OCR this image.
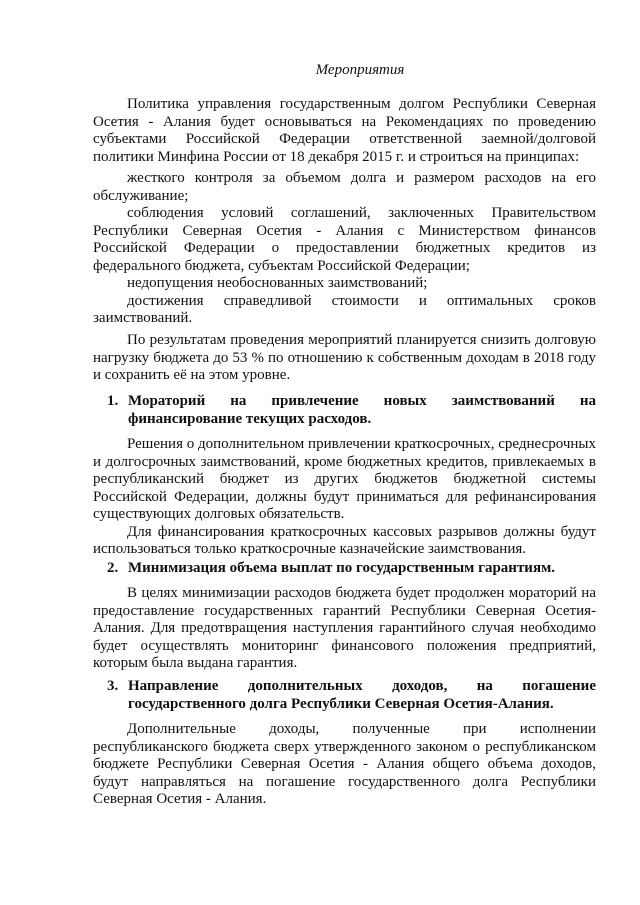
Мероприятия

Политика управления государственным долгом Республики Северная Осетия - Алания будет основываться на Рекомендациях по проведению субъектами Российской Федерации ответственной заемной/долговой политики Минфина России от 18 декабря 2015 г. и строиться на принципах:

жесткого контроля за объемом долга и размером расходов на его обслуживание;

соблюдения условий соглашений, заключенных Правительством Республики Северная Осетия - Алания с Министерством финансов Российской Федерации о предоставлении бюджетных кредитов из федерального бюджета, субъектам Российской Федерации;

недопущения необоснованных заимствований;

достижения справедливой стоимости и оптимальных сроков заимствований.

По результатам проведения мероприятий планируется снизить долговую нагрузку бюджета до 53 % по отношению к собственным доходам в 2018 году и сохранить её на этом уровне.

1. Мораторий на привлечение новых заимствований на финансирование текущих расходов.

Решения о дополнительном привлечении краткосрочных, среднесрочных и долгосрочных заимствований, кроме бюджетных кредитов, привлекаемых в республиканский бюджет из других бюджетов бюджетной системы Российской Федерации, должны будут приниматься для рефинансирования существующих долговых обязательств.

Для финансирования краткосрочных кассовых разрывов должны будут использоваться только краткосрочные казначейские заимствования.

2. Минимизация объема выплат по государственным гарантиям.

В целях минимизации расходов бюджета будет продолжен мораторий на предоставление государственных гарантий Республики Северная Осетия-Алания. Для предотвращения наступления гарантийного случая необходимо будет осуществлять мониторинг финансового положения предприятий, которым была выдана гарантия.

3. Направление дополнительных доходов, на погашение государственного долга Республики Северная Осетия-Алания.

Дополнительные доходы, полученные при исполнении республиканского бюджета сверх утвержденного законом о республиканском бюджете Республики Северная Осетия - Алания общего объема доходов, будут направляться на погашение государственного долга Республики Северная Осетия - Алания.
